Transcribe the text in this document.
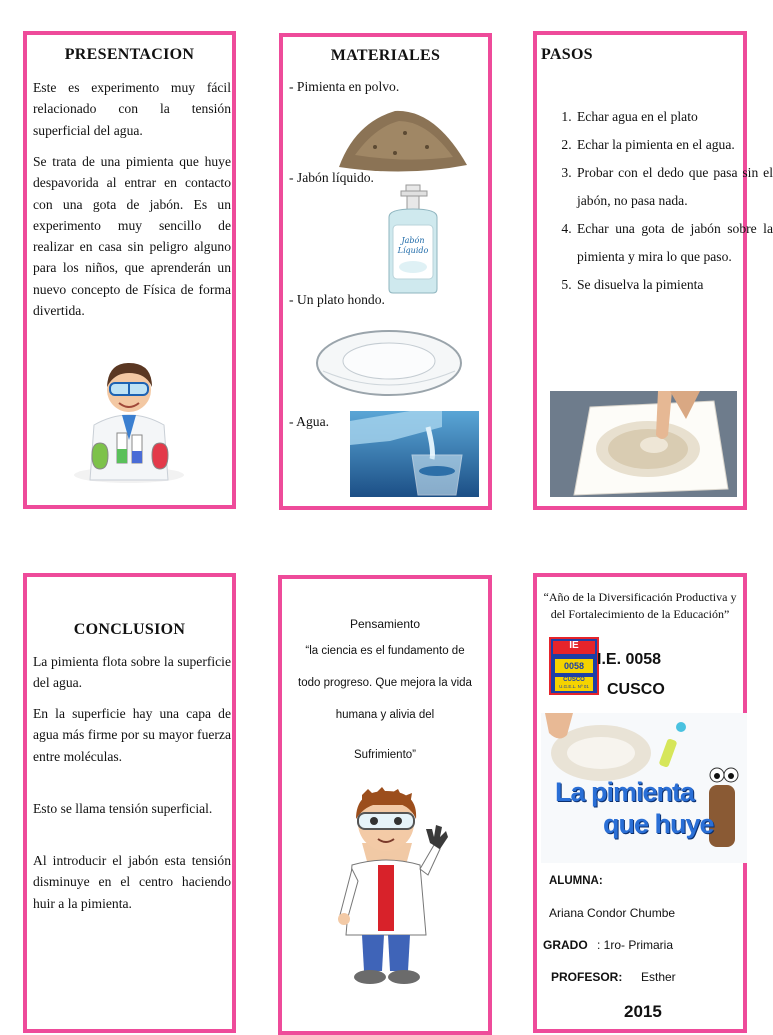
PRESENTACION

Este es experimento muy fácil relacionado con la tensión superficial del agua.

Se trata de una pimienta que huye despavorida al entrar en contacto con una gota de jabón. Es un experimento muy sencillo de realizar en casa sin peligro alguno para los niños, que aprenderán un nuevo concepto de Física de forma divertida.

MATERIALES
- Pimienta en polvo.
- Jabón líquido.
Jabón
Líquido
- Un plato hondo.
- Agua.
PASOS
1. Echar agua en el plato
2. Echar la pimienta en el agua.
3. Probar con el dedo que pasa sin el jabón, no pasa nada.
4. Echar una gota de jabón sobre la pimienta y mira lo que paso.
5. Se disuelva la pimienta
CONCLUSION

La pimienta flota sobre la superficie del agua.

En la superficie hay una capa de agua más firme por su mayor fuerza entre moléculas.

Esto se llama tensión superficial.

Al introducir el jabón esta tensión disminuye en el centro haciendo huir a la pimienta.

Pensamiento
“la ciencia es el fundamento de
todo progreso. Que mejora la vida
humana y alivia del
Sufrimiento”
“Año de la Diversificación Productiva y del Fortalecimiento de la Educación”
IE
0058
CUSCO
U.G.E.L. Nº 01
I.E. 0058
CUSCO
La pimienta
que huye
ALUMNA:
Ariana Condor Chumbe
GRADO : 1ro- Primaria
PROFESOR: Esther
2015
